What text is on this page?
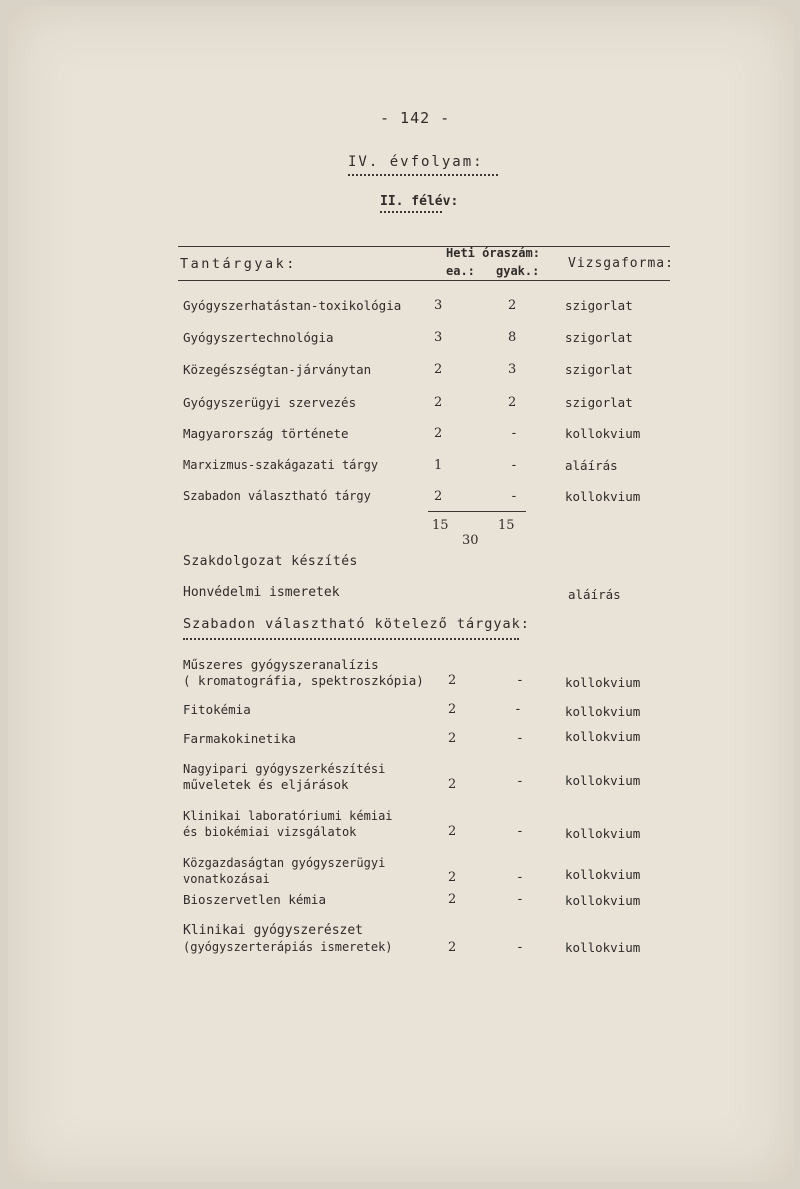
- 142 -
IV. évfolyam:
II. félév:
Tantárgyak:
Heti óraszám:
ea.: gyak.: Vizsgaforma:
Gyógyszerhatástan-toxikológia	3	2	szigorlat
Gyógyszertechnológia	3	8	szigorlat
Közegészségtan-járványtan	2	3	szigorlat
Gyógyszerügyi szervezés	2	2	szigorlat
Magyarország története	2	-	kollokvium
Marxizmus-szakágazati tárgy	1	-	aláírás
Szabadon választható tárgy	2	-	kollokvium
15	15
30
Szakdolgozat készítés
Honvédelmi ismeretek	aláírás
Szabadon választható kötelező tárgyak:
Műszeres gyógyszeranalízis
( kromatográfia, spektroszkópia) 2	-	kollokvium
Fitokémia	2	-	kollokvium
Farmakokinetika	2	-	kollokvium
Nagyipari gyógyszerkészítési
műveletek és eljárások	2	-	kollokvium
Klinikai laboratóriumi kémiai
és biokémiai vizsgálatok	2	-	kollokvium
Közgazdaságtan gyógyszerügyi
vonatkozásai	2	-	kollokvium
Bioszervetlen kémia	2	-	kollokvium
Klinikai gyógyszerészet
(gyógyszerterápiás ismeretek)	2	-	kollokvium
